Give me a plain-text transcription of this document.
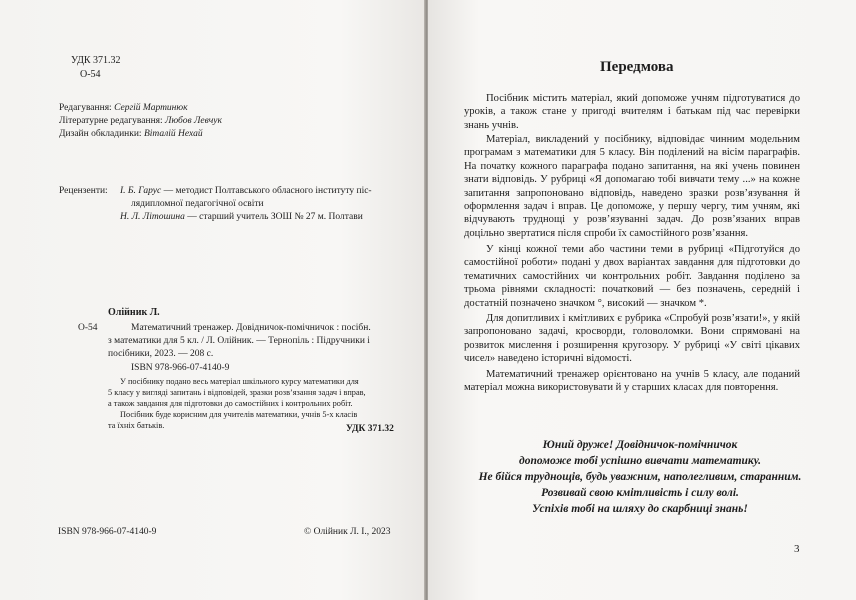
УДК 371.32
О-54
Редагування: Сергій Мартинюк
Літературне редагування: Любов Левчук
Дизайн обкладинки: Віталій Нехай
Рецензенти: І. Б. Гарус — методист Полтавського обласного інституту піс-
лядипломної педагогічної освіти
Н. Л. Літошина — старший учитель ЗОШ № 27 м. Полтави
Олійник Л.
О-54	Математичний тренажер. Довідничок-помічничок : посібн.
з математики для 5 кл. / Л. Олійник. — Тернопіль : Підручники і
посібники, 2023. — 208 с.
ISBN 978-966-07-4140-9
У посібнику подано весь матеріал шкільного курсу математики для
5 класу у вигляді запитань і відповідей, зразки розв’язання задач і вправ,
а також завдання для підготовки до самостійних і контрольних робіт.
Посібник буде корисним для учителів математики, учнів 5-х класів
та їхніх батьків.	УДК 371.32
ISBN 978-966-07-4140-9	© Олійник Л. І., 2023
Передмова
Посібник містить матеріал, який допоможе учням підготуватися до уроків, а також стане у пригоді вчителям і батькам під час перевірки знань учнів.
Матеріал, викладений у посібнику, відповідає чинним модельним програмам з математики для 5 класу. Він поділений на вісім параграфів. На початку кожного параграфа подано запитання, на які учень повинен знати відповідь. У рубриці «Я допомагаю тобі вивчати тему ...» на кожне запитання запропоновано відповідь, наведено зразки розв’язування й оформлення задач і вправ. Це допоможе, у першу чергу, тим учням, які відчувають труднощі у розв’язуванні задач. До розв’язаних вправ доцільно звертатися після спроби їх самостійного розв’язання.
У кінці кожної теми або частини теми в рубриці «Підготуйся до самостійної роботи» подані у двох варіантах завдання для підготовки до тематичних самостійних чи контрольних робіт. Завдання поділено за трьома рівнями складності: початковий — без позначень, середній і достатній позначено значком °, високий — значком *.
Для допитливих і кмітливих є рубрика «Спробуй розв’язати!», у якій запропоновано задачі, кросворди, головоломки. Вони спрямовані на розвиток мислення і розширення кругозору. У рубриці «У світі цікавих чисел» наведено історичні відомості.
Математичний тренажер орієнтовано на учнів 5 класу, але поданий матеріал можна використовувати й у старших класах для повторення.
Юний друже! Довідничок-помічничок
допоможе тобі успішно вивчати математику.
Не бійся труднощів, будь уважним, наполегливим, старанним.
Розвивай свою кмітливість і силу волі.
Успіхів тобі на шляху до скарбниці знань!
3
